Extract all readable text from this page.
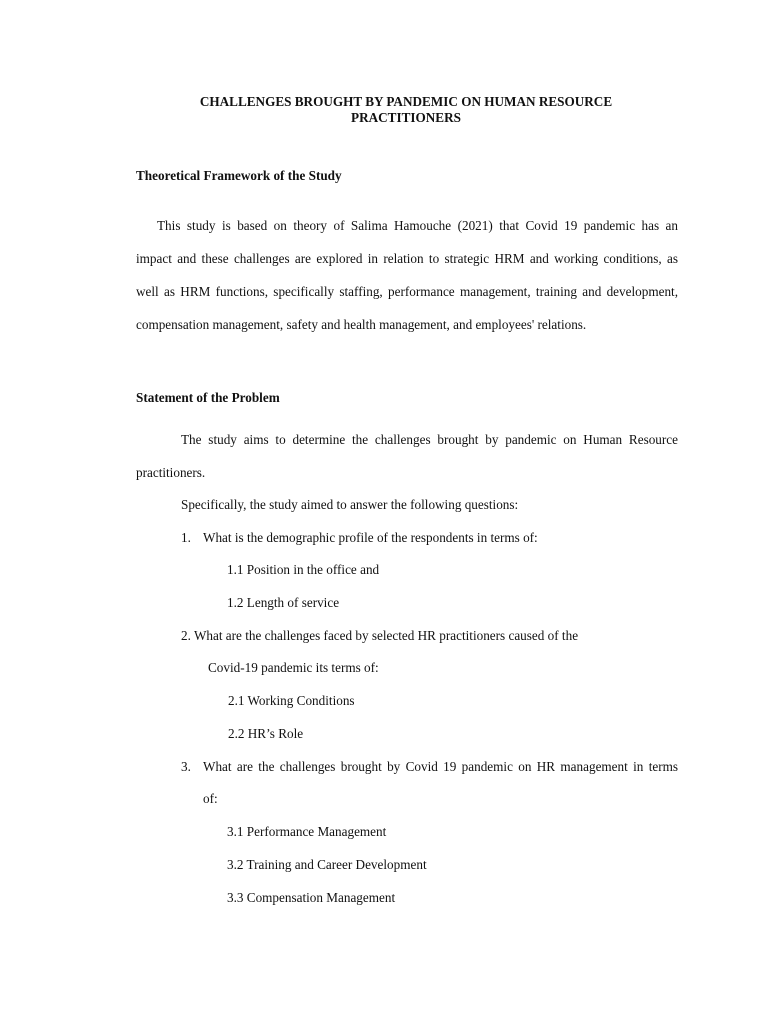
CHALLENGES BROUGHT BY PANDEMIC ON HUMAN RESOURCE
PRACTITIONERS
Theoretical Framework of the Study
This study is based on theory of Salima Hamouche (2021) that Covid 19 pandemic has an
impact and these challenges are explored in relation to strategic HRM and working conditions, as
well as HRM functions, specifically staffing, performance management, training and development,
compensation management, safety and health management, and employees' relations.
Statement of the Problem
The study aims to determine the challenges brought by pandemic on Human Resource
practitioners.
Specifically, the study aimed to answer the following questions:
1. What is the demographic profile of the respondents in terms of:
1.1 Position in the office and
1.2 Length of service
2. What are the challenges faced by selected HR practitioners caused of the
Covid-19 pandemic its terms of:
2.1 Working Conditions
2.2 HR’s Role
3. What are the challenges brought by Covid 19 pandemic on HR management in terms
of:
3.1 Performance Management
3.2 Training and Career Development
3.3 Compensation Management
